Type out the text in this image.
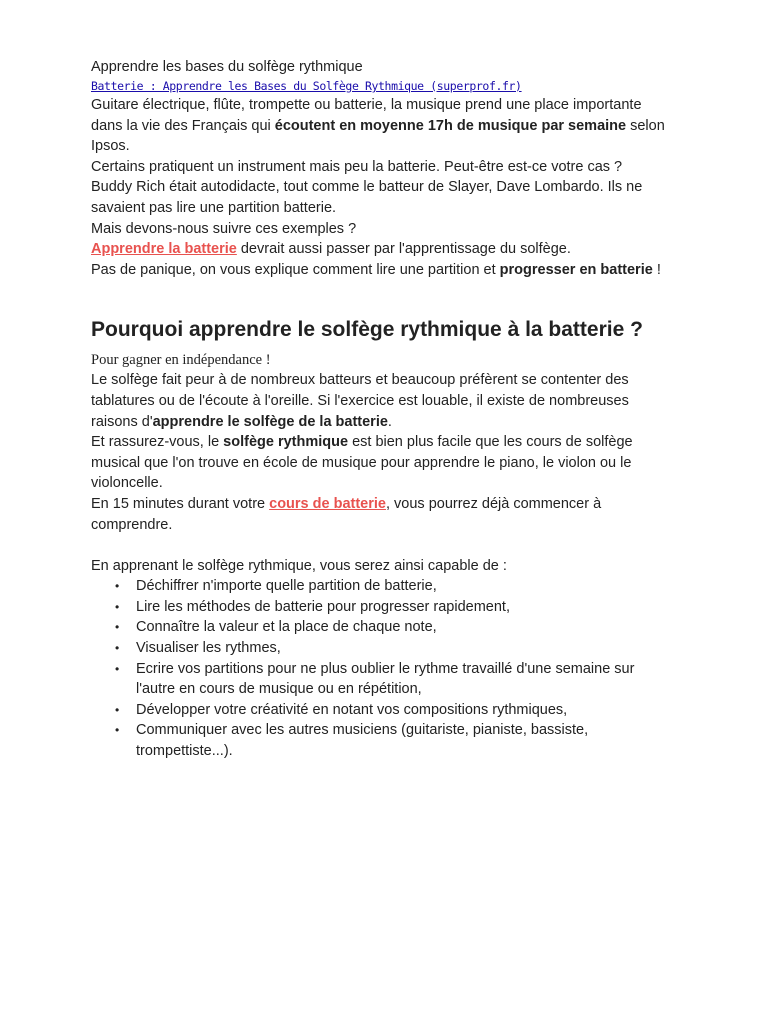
Apprendre les bases du solfège rythmique
Batterie : Apprendre les Bases du Solfège Rythmique (superprof.fr)

Guitare électrique, flûte, trompette ou batterie, la musique prend une place importante dans la vie des Français qui écoutent en moyenne 17h de musique par semaine selon Ipsos.

Certains pratiquent un instrument mais peu la batterie. Peut-être est-ce votre cas ?

Buddy Rich était autodidacte, tout comme le batteur de Slayer, Dave Lombardo. Ils ne savaient pas lire une partition batterie.

Mais devons-nous suivre ces exemples ?

Apprendre la batterie devrait aussi passer par l'apprentissage du solfège.

Pas de panique, on vous explique comment lire une partition et progresser en batterie !

Pourquoi apprendre le solfège rythmique à la batterie ?
Pour gagner en indépendance !

Le solfège fait peur à de nombreux batteurs et beaucoup préfèrent se contenter des tablatures ou de l'écoute à l'oreille. Si l'exercice est louable, il existe de nombreuses raisons d'apprendre le solfège de la batterie.

Et rassurez-vous, le solfège rythmique est bien plus facile que les cours de solfège musical que l'on trouve en école de musique pour apprendre le piano, le violon ou le violoncelle.

En 15 minutes durant votre cours de batterie, vous pourrez déjà commencer à comprendre.

En apprenant le solfège rythmique, vous serez ainsi capable de :

• Déchiffrer n'importe quelle partition de batterie,
• Lire les méthodes de batterie pour progresser rapidement,
• Connaître la valeur et la place de chaque note,
• Visualiser les rythmes,
• Ecrire vos partitions pour ne plus oublier le rythme travaillé d'une semaine sur l'autre en cours de musique ou en répétition,
• Développer votre créativité en notant vos compositions rythmiques,
• Communiquer avec les autres musiciens (guitariste, pianiste, bassiste, trompettiste...).
